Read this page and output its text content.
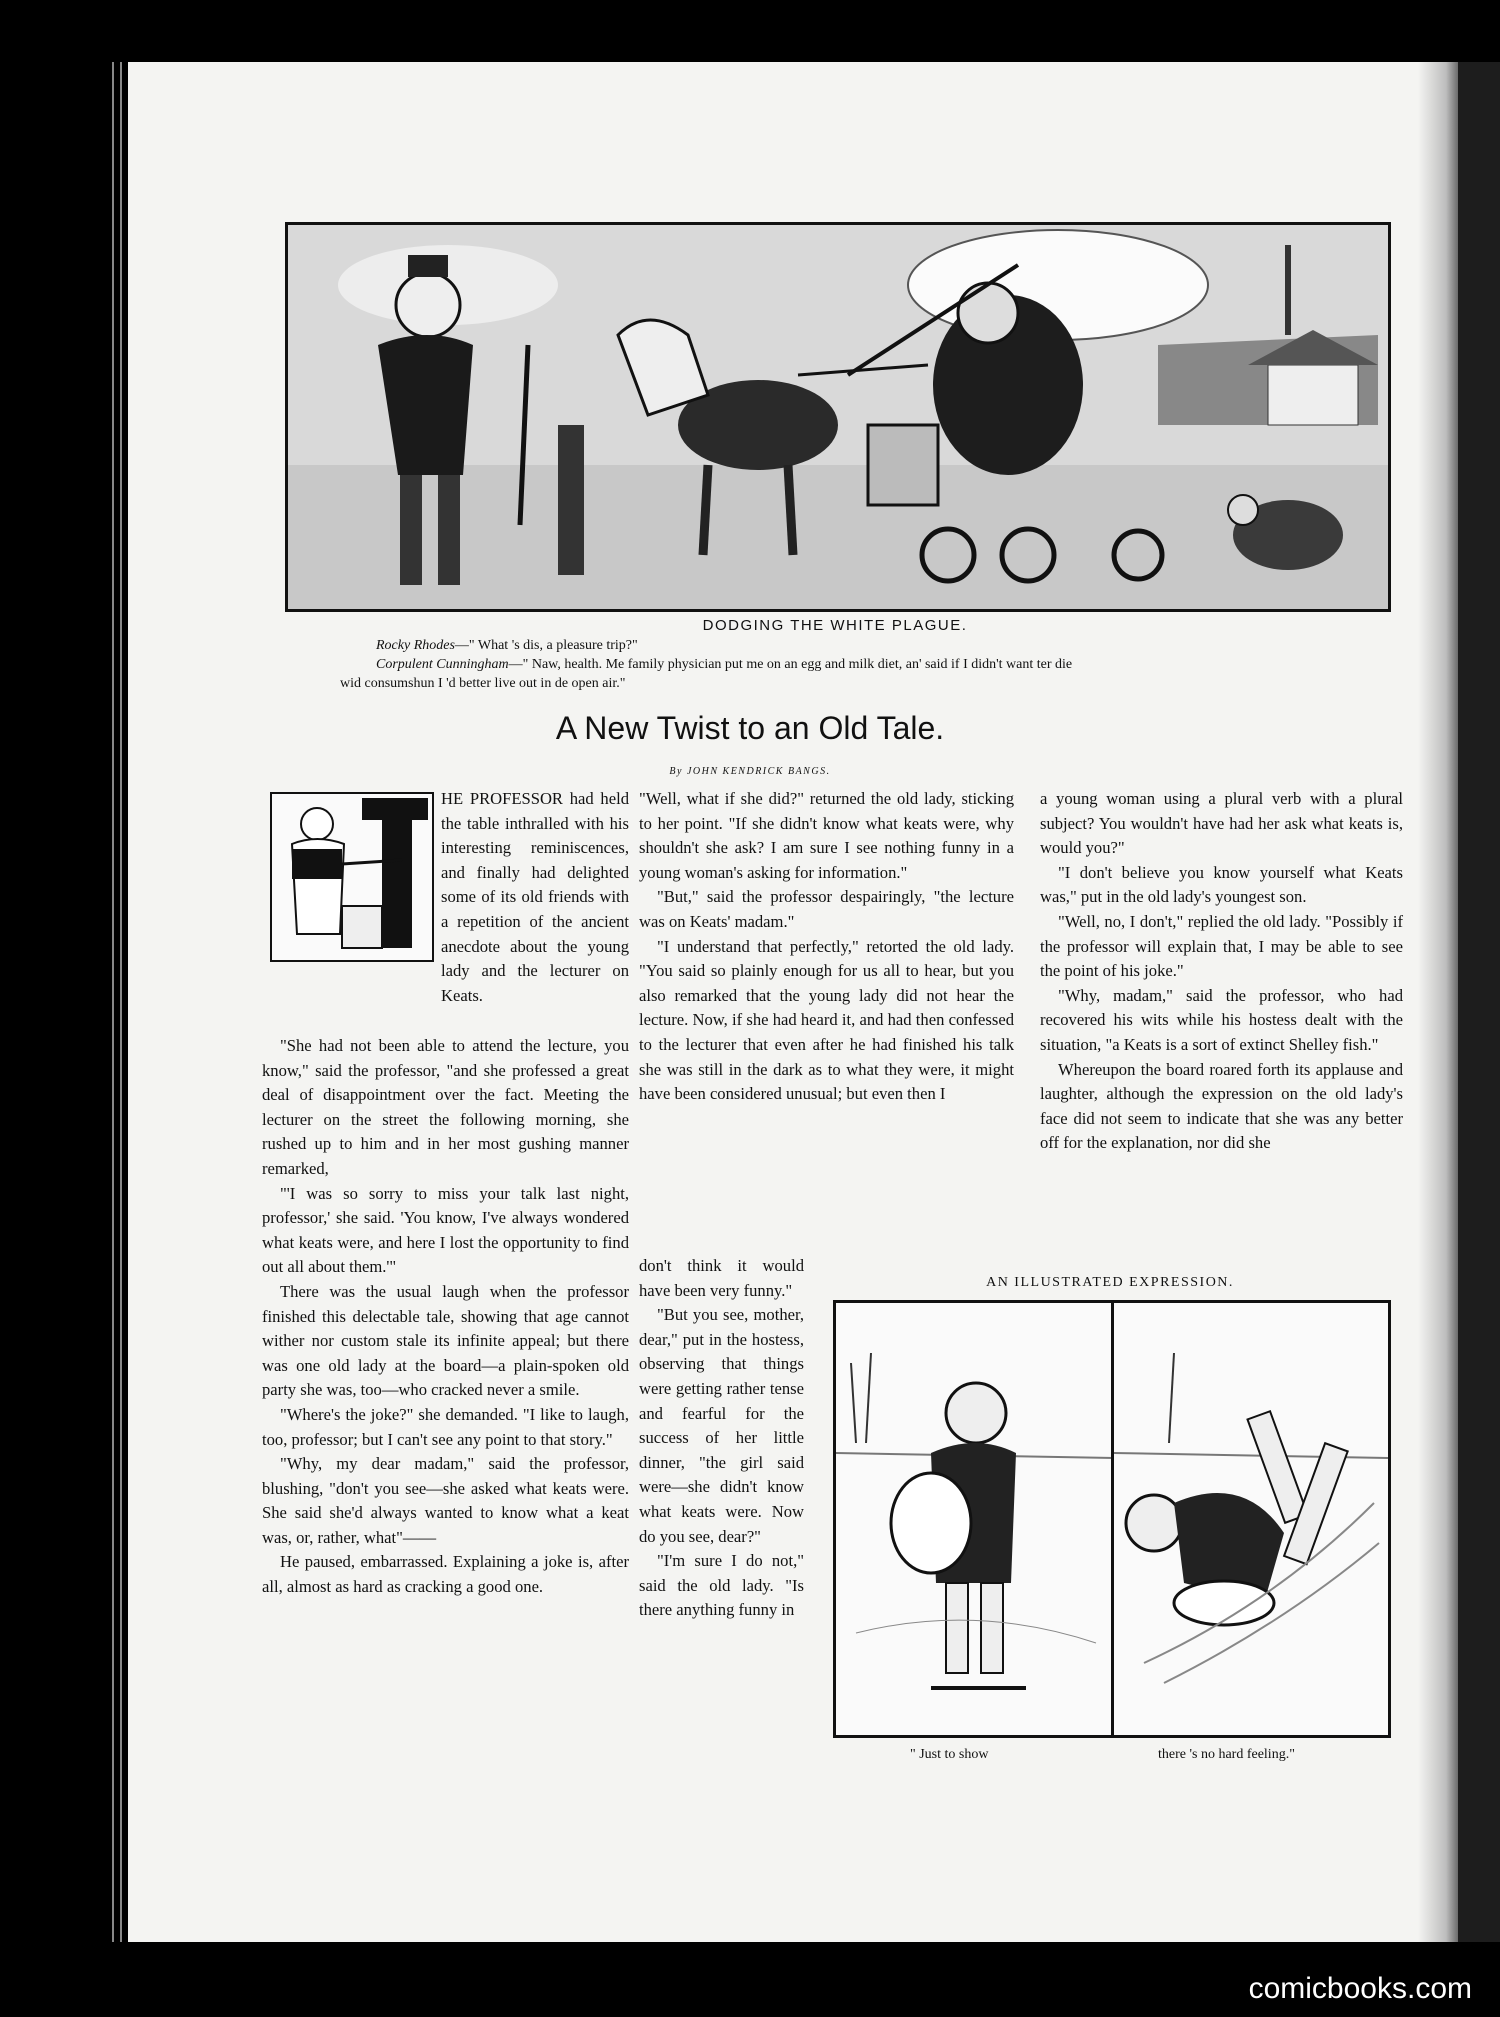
DODGING THE WHITE PLAGUE.
Rocky Rhodes—" What 's dis, a pleasure trip?"
Corpulent Cunningham—" Naw, health. Me family physician put me on an egg and milk diet, an' said if I didn't want ter die
wid consumshun I 'd better live out in de open air."
A New Twist to an Old Tale.
By JOHN KENDRICK BANGS.

HE PROFESSOR had held the table inthralled with his interesting reminiscences, and finally had delighted some of its old friends with a repetition of the ancient anecdote about the young lady and the lecturer on Keats.

"She had not been able to attend the lecture, you know," said the professor, "and she professed a great deal of disappointment over the fact. Meeting the lecturer on the street the following morning, she rushed up to him and in her most gushing manner remarked,

"'I was so sorry to miss your talk last night, professor,' she said. 'You know, I've always wondered what keats were, and here I lost the opportunity to find out all about them.'"

There was the usual laugh when the professor finished this delectable tale, showing that age cannot wither nor custom stale its infinite appeal; but there was one old lady at the board—a plain-spoken old party she was, too—who cracked never a smile.

"Where's the joke?" she demanded. "I like to laugh, too, professor; but I can't see any point to that story."

"Why, my dear madam," said the professor, blushing, "don't you see—she asked what keats were. She said she'd always wanted to know what a keat was, or, rather, what"——

He paused, embarrassed. Explaining a joke is, after all, almost as hard as cracking a good one.

"Well, what if she did?" returned the old lady, sticking to her point. "If she didn't know what keats were, why shouldn't she ask? I am sure I see nothing funny in a young woman's asking for information."

"But," said the professor despairingly, "the lecture was on Keats' madam."

"I understand that perfectly," retorted the old lady. "You said so plainly enough for us all to hear, but you also remarked that the young lady did not hear the lecture. Now, if she had heard it, and had then confessed to the lecturer that even after he had finished his talk she was still in the dark as to what they were, it might have been considered unusual; but even then I

don't think it would have been very funny."

"But you see, mother, dear," put in the hostess, observing that things were getting rather tense and fearful for the success of her little dinner, "the girl said were—she didn't know what keats were. Now do you see, dear?"

"I'm sure I do not," said the old lady. "Is there anything funny in

a young woman using a plural verb with a plural subject? You wouldn't have had her ask what keats is, would you?"

"I don't believe you know yourself what Keats was," put in the old lady's youngest son.

"Well, no, I don't," replied the old lady. "Possibly if the professor will explain that, I may be able to see the point of his joke."

"Why, madam," said the professor, who had recovered his wits while his hostess dealt with the situation, "a Keats is a sort of extinct Shelley fish."

Whereupon the board roared forth its applause and laughter, although the expression on the old lady's face did not seem to indicate that she was any better off for the explanation, nor did she

AN ILLUSTRATED EXPRESSION.
" Just to show	there 's no hard feeling."
comicbooks.com
